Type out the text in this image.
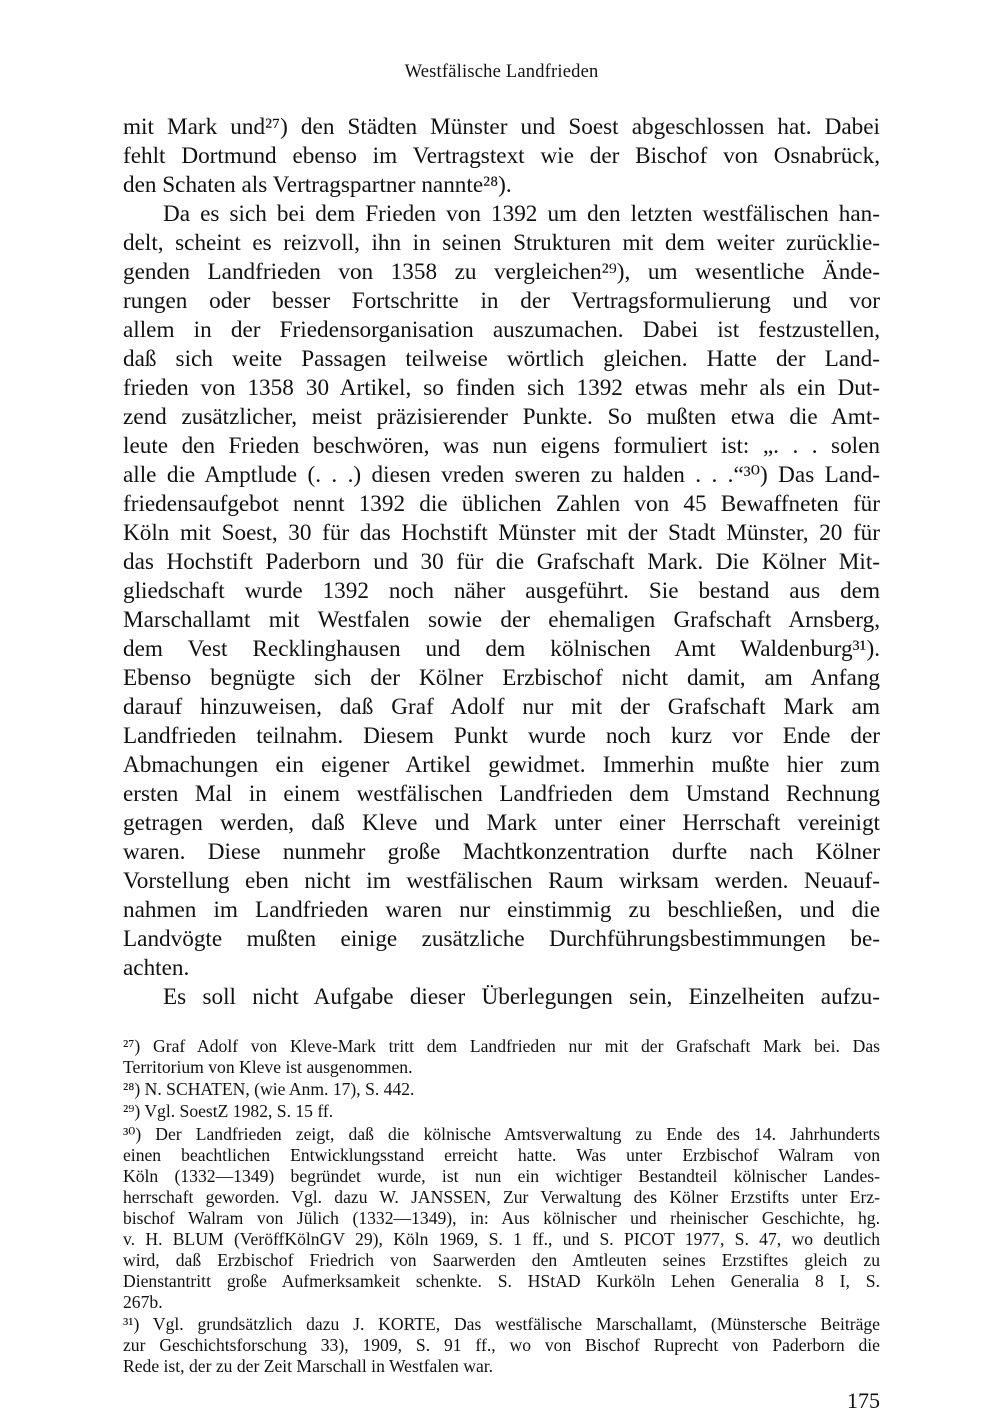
Westfälische Landfrieden
mit Mark und²⁷) den Städten Münster und Soest abgeschlossen hat. Dabei
fehlt Dortmund ebenso im Vertragstext wie der Bischof von Osnabrück,
den Schaten als Vertragspartner nannte²⁸).
Da es sich bei dem Frieden von 1392 um den letzten westfälischen han-
delt, scheint es reizvoll, ihn in seinen Strukturen mit dem weiter zurücklie-
genden Landfrieden von 1358 zu vergleichen²⁹), um wesentliche Ände-
rungen oder besser Fortschritte in der Vertragsformulierung und vor
allem in der Friedensorganisation auszumachen. Dabei ist festzustellen,
daß sich weite Passagen teilweise wörtlich gleichen. Hatte der Land-
frieden von 1358 30 Artikel, so finden sich 1392 etwas mehr als ein Dut-
zend zusätzlicher, meist präzisierender Punkte. So mußten etwa die Amt-
leute den Frieden beschwören, was nun eigens formuliert ist: „. . . solen
alle die Amptlude (. . .) diesen vreden sweren zu halden . . .“³⁰) Das Land-
friedensaufgebot nennt 1392 die üblichen Zahlen von 45 Bewaffneten für
Köln mit Soest, 30 für das Hochstift Münster mit der Stadt Münster, 20 für
das Hochstift Paderborn und 30 für die Grafschaft Mark. Die Kölner Mit-
gliedschaft wurde 1392 noch näher ausgeführt. Sie bestand aus dem
Marschallamt mit Westfalen sowie der ehemaligen Grafschaft Arnsberg,
dem Vest Recklinghausen und dem kölnischen Amt Waldenburg³¹).
Ebenso begnügte sich der Kölner Erzbischof nicht damit, am Anfang
darauf hinzuweisen, daß Graf Adolf nur mit der Grafschaft Mark am
Landfrieden teilnahm. Diesem Punkt wurde noch kurz vor Ende der
Abmachungen ein eigener Artikel gewidmet. Immerhin mußte hier zum
ersten Mal in einem westfälischen Landfrieden dem Umstand Rechnung
getragen werden, daß Kleve und Mark unter einer Herrschaft vereinigt
waren. Diese nunmehr große Machtkonzentration durfte nach Kölner
Vorstellung eben nicht im westfälischen Raum wirksam werden. Neuauf-
nahmen im Landfrieden waren nur einstimmig zu beschließen, und die
Landvögte mußten einige zusätzliche Durchführungsbestimmungen be-
achten.
Es soll nicht Aufgabe dieser Überlegungen sein, Einzelheiten aufzu-
²⁷) Graf Adolf von Kleve-Mark tritt dem Landfrieden nur mit der Grafschaft Mark bei. Das
Territorium von Kleve ist ausgenommen.
²⁸) N. SCHATEN, (wie Anm. 17), S. 442.
²⁹) Vgl. SoestZ 1982, S. 15 ff.
³⁰) Der Landfrieden zeigt, daß die kölnische Amtsverwaltung zu Ende des 14. Jahrhunderts
einen beachtlichen Entwicklungsstand erreicht hatte. Was unter Erzbischof Walram von
Köln (1332—1349) begründet wurde, ist nun ein wichtiger Bestandteil kölnischer Landes-
herrschaft geworden. Vgl. dazu W. JANSSEN, Zur Verwaltung des Kölner Erzstifts unter Erz-
bischof Walram von Jülich (1332—1349), in: Aus kölnischer und rheinischer Geschichte, hg.
v. H. BLUM (VeröffKölnGV 29), Köln 1969, S. 1 ff., und S. PICOT 1977, S. 47, wo deutlich
wird, daß Erzbischof Friedrich von Saarwerden den Amtleuten seines Erzstiftes gleich zu
Dienstantritt große Aufmerksamkeit schenkte. S. HStAD Kurköln Lehen Generalia 8 I, S.
267b.
³¹) Vgl. grundsätzlich dazu J. KORTE, Das westfälische Marschallamt, (Münstersche Beiträge
zur Geschichtsforschung 33), 1909, S. 91 ff., wo von Bischof Ruprecht von Paderborn die
Rede ist, der zu der Zeit Marschall in Westfalen war.
175
